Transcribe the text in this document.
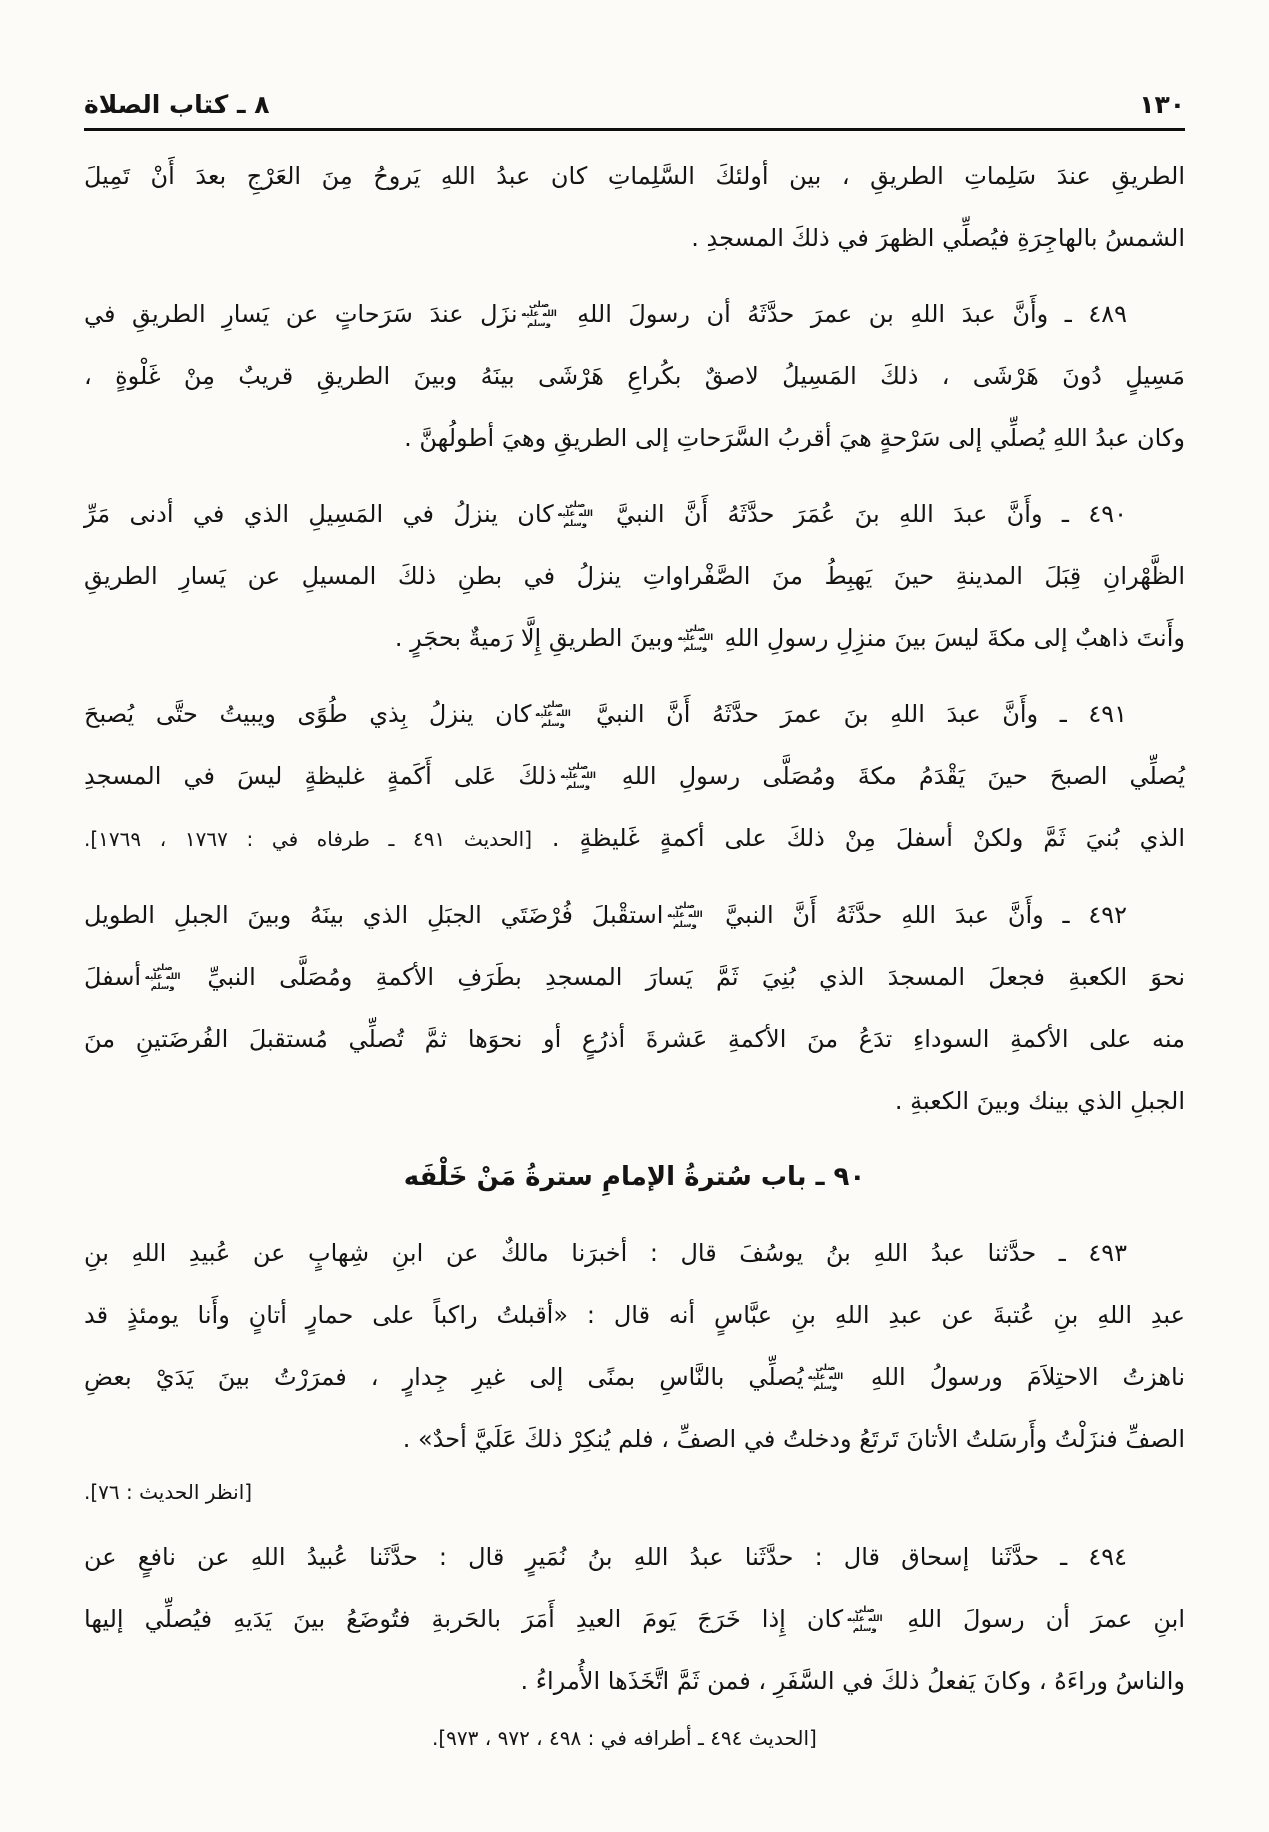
١٣٠
٨ ـ كتاب الصلاة
الطريقِ عندَ سَلِماتِ الطريقِ ، بين أولئكَ السَّلِماتِ كان عبدُ اللهِ يَروحُ مِنَ العَرْجِ بعدَ أَنْ تَمِيلَ
الشمسُ بالهاجِرَةِ فيُصلِّي الظهرَ في ذلكَ المسجدِ .
٤٨٩ ـ وأَنَّ عبدَ اللهِ بن عمرَ حدَّثَهُ أن رسولَ اللهِ صلى الله عليه وسلمنزَل عندَ سَرَحاتٍ عن يَسارِ الطريقِ في
مَسِيلٍ دُونَ هَرْشَى ، ذلكَ المَسِيلُ لاصقٌ بكُراعِ هَرْشَى بينَهُ وبينَ الطريقِ قريبٌ مِنْ غَلْوةٍ ،
وكان عبدُ اللهِ يُصلِّي إلى سَرْحةٍ هيَ أقربُ السَّرَحاتِ إلى الطريقِ وهيَ أطولُهنَّ .
٤٩٠ ـ وأَنَّ عبدَ اللهِ بنَ عُمَرَ حدَّثَهُ أَنَّ النبيَّ صلى الله عليه وسلمكان ينزلُ في المَسِيلِ الذي في أدنى مَرِّ
الظَّهْرانِ قِبَلَ المدينةِ حينَ يَهبِطُ منَ الصَّفْراواتِ ينزلُ في بطنِ ذلكَ المسيلِ عن يَسارِ الطريقِ
وأَنتَ ذاهبٌ إلى مكةَ ليسَ بينَ منزِلِ رسولِ اللهِ صلى الله عليه وسلموبينَ الطريقِ إِلَّا رَميةٌ بحجَرٍ .
٤٩١ ـ وأَنَّ عبدَ اللهِ بنَ عمرَ حدَّثَهُ أَنَّ النبيَّ صلى الله عليه وسلمكان ينزلُ بِذي طُوًى ويبيتُ حتَّى يُصبحَ
يُصلِّي الصبحَ حينَ يَقْدَمُ مكةَ ومُصَلَّى رسولِ اللهِ صلى الله عليه وسلمذلكَ عَلى أَكَمةٍ غليظةٍ ليسَ في المسجدِ
الذي بُنيَ ثَمَّ ولكنْ أسفلَ مِنْ ذلكَ على أكمةٍ غَليظةٍ . [الحديث ٤٩١ ـ طرفاه في : ١٧٦٧ ، ١٧٦٩].
٤٩٢ ـ وأَنَّ عبدَ اللهِ حدَّثَهُ أَنَّ النبيَّ صلى الله عليه وسلماستقْبلَ فُرْضَتَي الجبَلِ الذي بينَهُ وبينَ الجبلِ الطويل
نحوَ الكعبةِ فجعلَ المسجدَ الذي بُنِيَ ثَمَّ يَسارَ المسجدِ بطَرَفِ الأكمةِ ومُصَلَّى النبيِّ صلى الله عليه وسلمأسفلَ
منه على الأكمةِ السوداءِ تدَعُ منَ الأكمةِ عَشرةَ أذرُعٍ أو نحوَها ثمَّ تُصلِّي مُستقبلَ الفُرضَتينِ منَ
الجبلِ الذي بينك وبينَ الكعبةِ .
٩٠ ـ باب سُترةُ الإمامِ سترةُ مَنْ خَلْفَه
٤٩٣ ـ حدَّثنا عبدُ اللهِ بنُ يوسُفَ قال : أخبرَنا مالكٌ عن ابنِ شِهابٍ عن عُبيدِ اللهِ بنِ
عبدِ اللهِ بنِ عُتبةَ عن عبدِ اللهِ بنِ عبَّاسٍ أنه قال : «أقبلتُ راكباً على حمارٍ أتانٍ وأَنا يومئذٍ قد
ناهزتُ الاحتِلاَمَ ورسولُ اللهِ صلى الله عليه وسلميُصلِّي بالنَّاسِ بمنًى إلى غيرِ جِدارٍ ، فمرَرْتُ بينَ يَدَيْ بعضِ
الصفِّ فنزَلْتُ وأَرسَلتُ الأتانَ تَرتَعُ ودخلتُ في الصفِّ ، فلم يُنكِرْ ذلكَ عَلَيَّ أحدٌ» .
[انظر الحديث : ٧٦].
٤٩٤ ـ حدَّثَنا إسحاق قال : حدَّثَنا عبدُ اللهِ بنُ نُمَيرٍ قال : حدَّثَنا عُبيدُ اللهِ عن نافعٍ عن
ابنِ عمرَ أن رسولَ اللهِ صلى الله عليه وسلمكان إِذا خَرَجَ يَومَ العيدِ أَمَرَ بالحَربةِ فتُوضَعُ بينَ يَدَيهِ فيُصلِّي إليها
والناسُ وراءَهُ ، وكانَ يَفعلُ ذلكَ في السَّفَرِ ، فمن ثَمَّ اتَّخَذَها الأُمراءُ .
[الحديث ٤٩٤ ـ أطرافه في : ٤٩٨ ، ٩٧٢ ، ٩٧٣].
